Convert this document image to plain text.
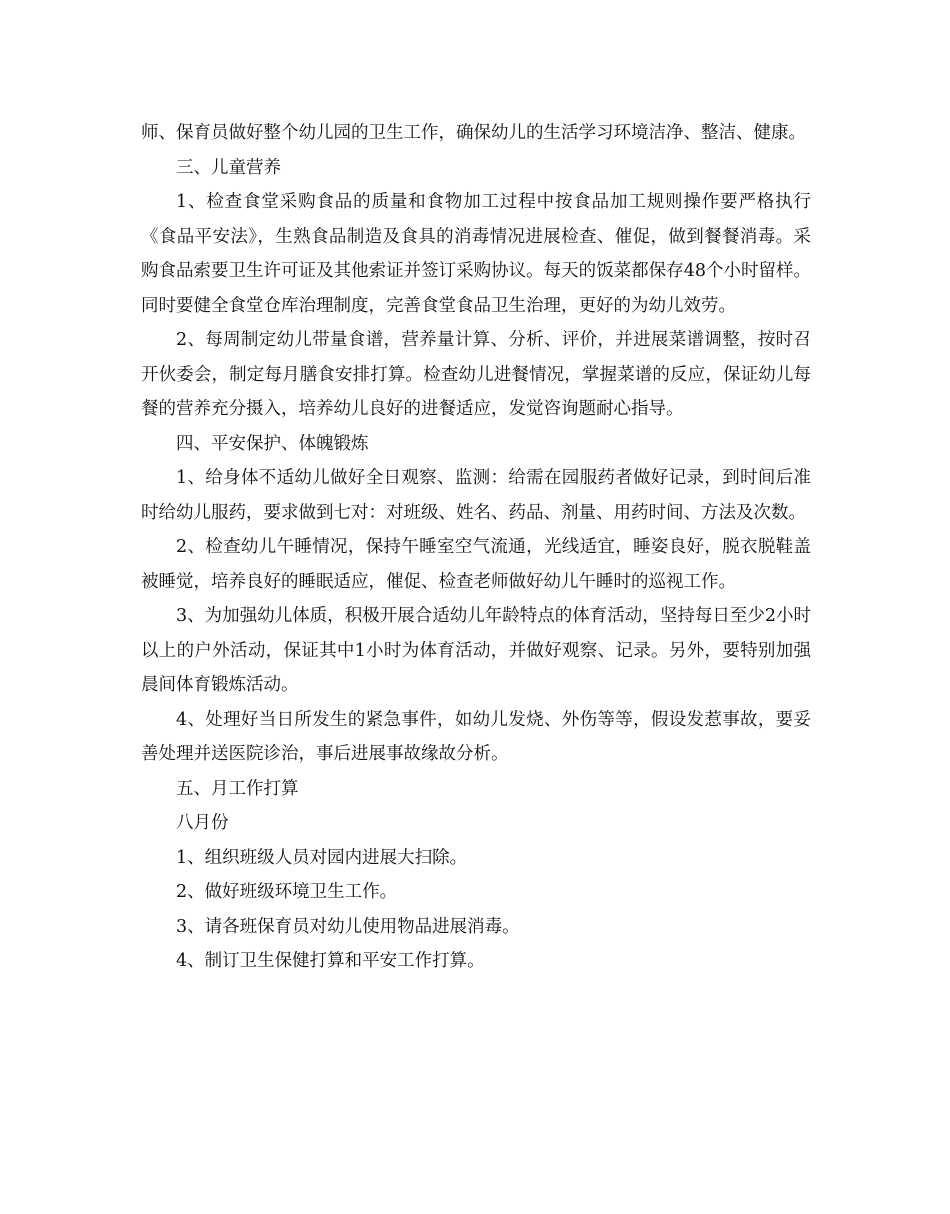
师、保育员做好整个幼儿园的卫生工作，确保幼儿的生活学习环境洁净、整洁、健康。

三、儿童营养

1、检查食堂采购食品的质量和食物加工过程中按食品加工规则操作要严格执行《食品平安法》，生熟食品制造及食具的消毒情况进展检查、催促，做到餐餐消毒。采购食品索要卫生许可证及其他索证并签订采购协议。每天的饭菜都保存48个小时留样。同时要健全食堂仓库治理制度，完善食堂食品卫生治理，更好的为幼儿效劳。

2、每周制定幼儿带量食谱，营养量计算、分析、评价，并进展菜谱调整，按时召开伙委会，制定每月膳食安排打算。检查幼儿进餐情况，掌握菜谱的反应，保证幼儿每餐的营养充分摄入，培养幼儿良好的进餐适应，发觉咨询题耐心指导。

四、平安保护、体魄锻炼

1、给身体不适幼儿做好全日观察、监测：给需在园服药者做好记录，到时间后准时给幼儿服药，要求做到七对：对班级、姓名、药品、剂量、用药时间、方法及次数。

2、检查幼儿午睡情况，保持午睡室空气流通，光线适宜，睡姿良好，脱衣脱鞋盖被睡觉，培养良好的睡眠适应，催促、检查老师做好幼儿午睡时的巡视工作。

3、为加强幼儿体质，积极开展合适幼儿年龄特点的体育活动，坚持每日至少2小时以上的户外活动，保证其中1小时为体育活动，并做好观察、记录。另外，要特别加强晨间体育锻炼活动。

4、处理好当日所发生的紧急事件，如幼儿发烧、外伤等等，假设发惹事故，要妥善处理并送医院诊治，事后进展事故缘故分析。

五、月工作打算

八月份

1、组织班级人员对园内进展大扫除。

2、做好班级环境卫生工作。

3、请各班保育员对幼儿使用物品进展消毒。

4、制订卫生保健打算和平安工作打算。
